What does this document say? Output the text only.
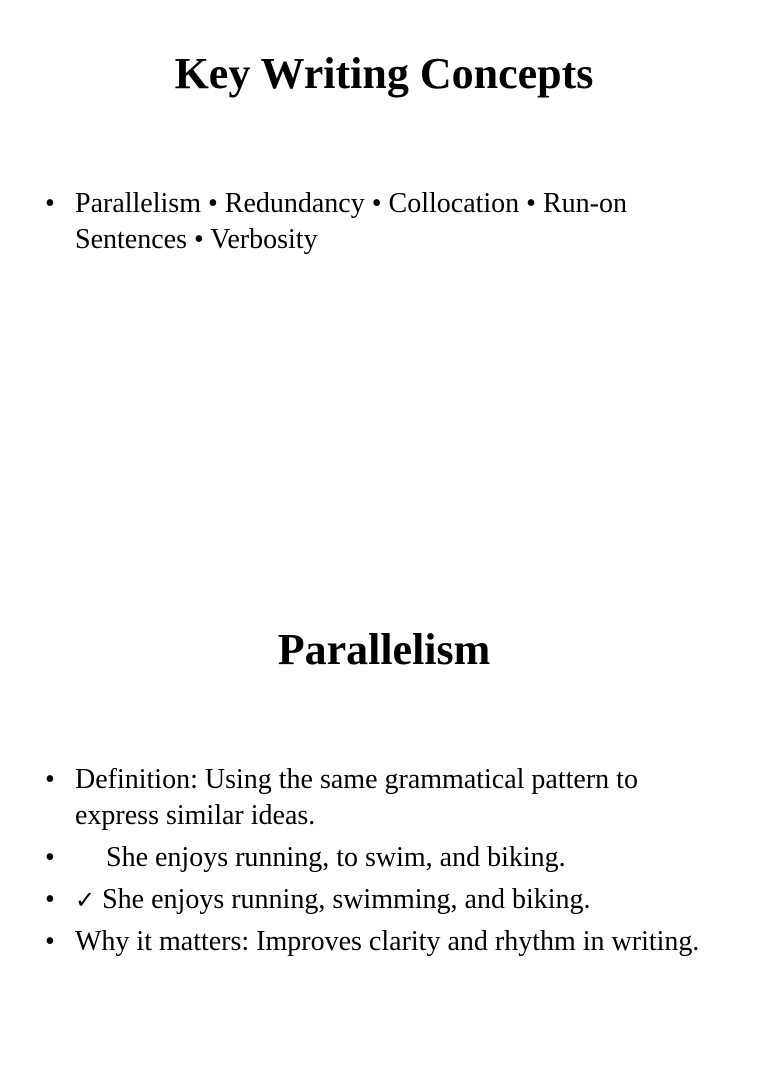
Key Writing Concepts
• Parallelism • Redundancy • Collocation • Run-on Sentences • Verbosity
Parallelism
• Definition: Using the same grammatical pattern to express similar ideas.
• She enjoys running, to swim, and biking.
• ✓ She enjoys running, swimming, and biking.
• Why it matters: Improves clarity and rhythm in writing.
